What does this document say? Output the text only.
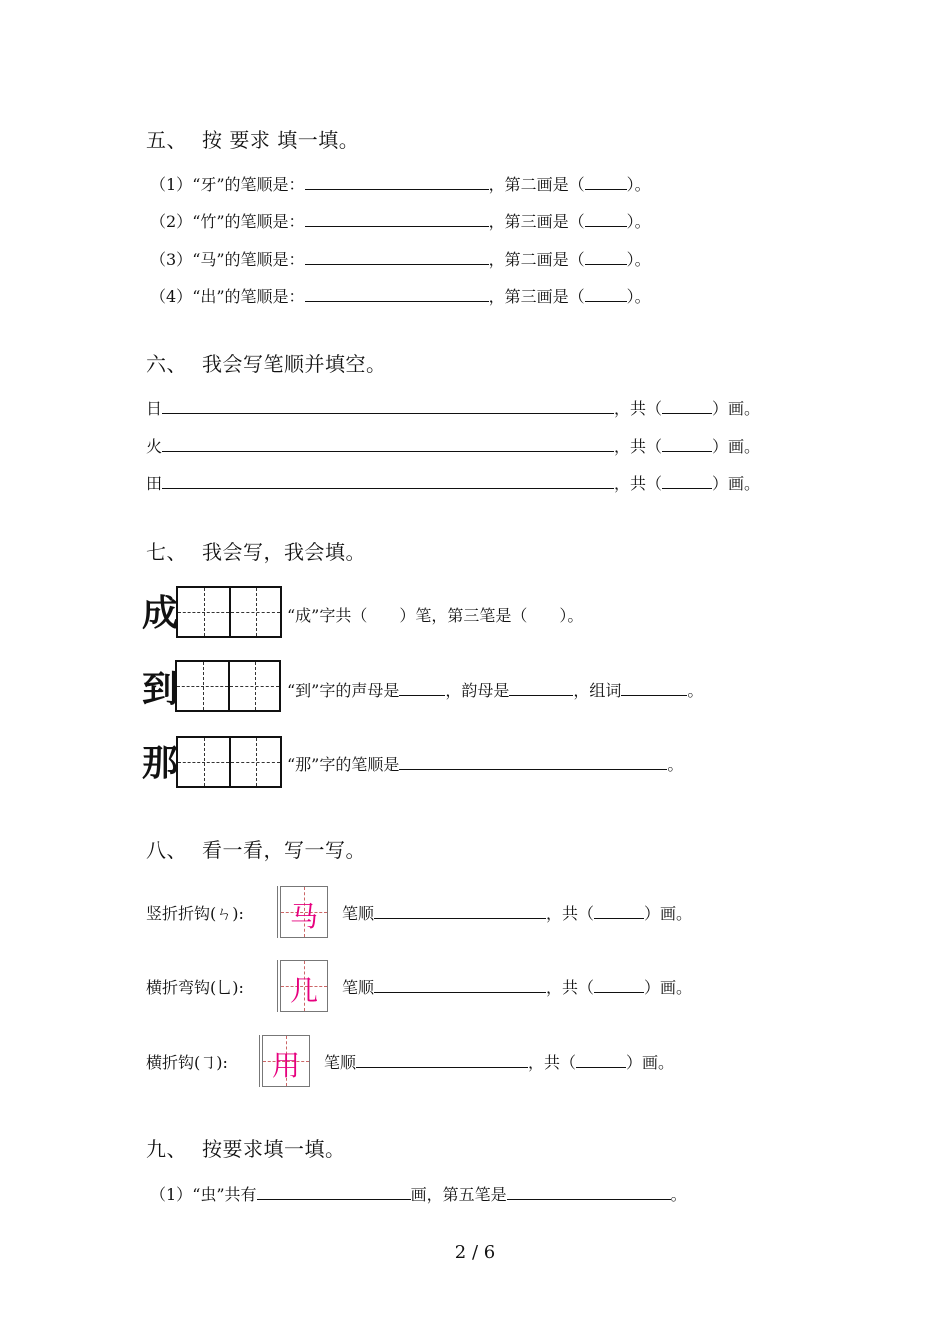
五、 按 要求 填一填。
（1）“牙”的笔顺是：	，第二画是（	）。
（2）“竹”的笔顺是：	，第三画是（	）。
（3）“马”的笔顺是：	，第二画是（	）。
（4）“出”的笔顺是：	，第三画是（	）。
六、 我会写笔顺并填空。
日	，共（	）画。
火	，共（	）画。
田	，共（	）画。
七、 我会写，我会填。
成	“成”字共（　　）笔，第三笔是（　　）。
到	“到”字的声母是	，韵母是	，组词	。
那	“那”字的笔顺是	。
八、 看一看，写一写。
竖折折钩(ㄣ):	马	笔顺	，共（	）画。
横折弯钩(乚):	几	笔顺	，共（	）画。
横折钩(㇆):	用	笔顺	，共（	）画。
九、 按要求填一填。
（1）“虫”共有	画，第五笔是	。
2 / 6
